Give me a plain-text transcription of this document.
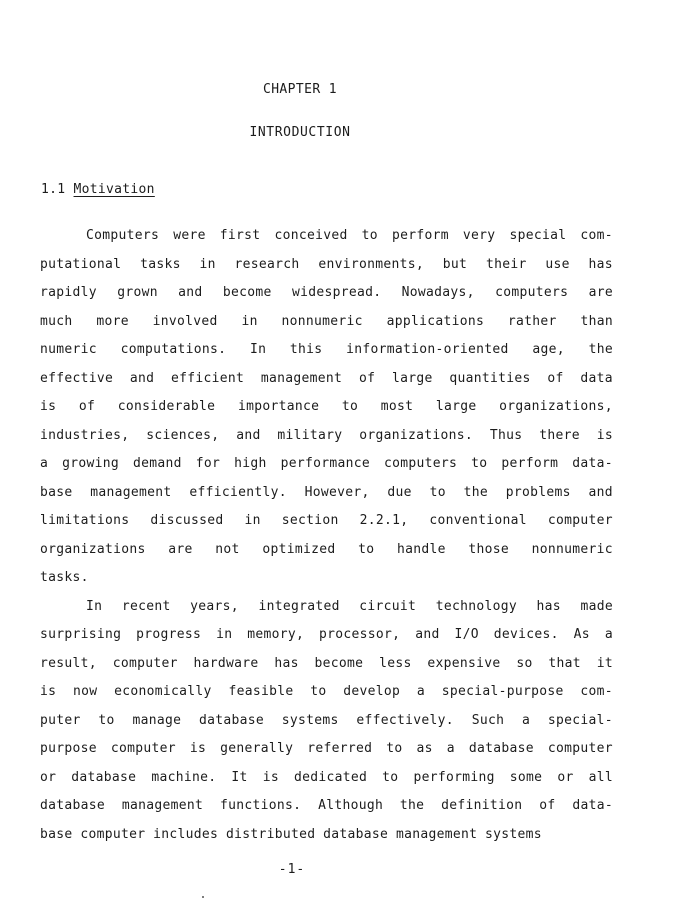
CHAPTER 1
INTRODUCTION
1.1 Motivation
Computers were first conceived to perform very special com-
putational tasks in research environments, but their use has
rapidly grown and become widespread. Nowadays, computers are
much more involved in nonnumeric applications rather than
numeric computations. In this information-oriented age, the
effective and efficient management of large quantities of data
is of considerable importance to most large organizations,
industries, sciences, and military organizations. Thus there is
a growing demand for high performance computers to perform data-
base management efficiently. However, due to the problems and
limitations discussed in section 2.2.1, conventional computer
organizations are not optimized to handle those nonnumeric
tasks.
In recent years, integrated circuit technology has made
surprising progress in memory, processor, and I/O devices. As a
result, computer hardware has become less expensive so that it
is now economically feasible to develop a special-purpose com-
puter to manage database systems effectively. Such a special-
purpose computer is generally referred to as a database computer
or database machine. It is dedicated to performing some or all
database management functions. Although the definition of data-
base computer includes distributed database management systems
-1-
